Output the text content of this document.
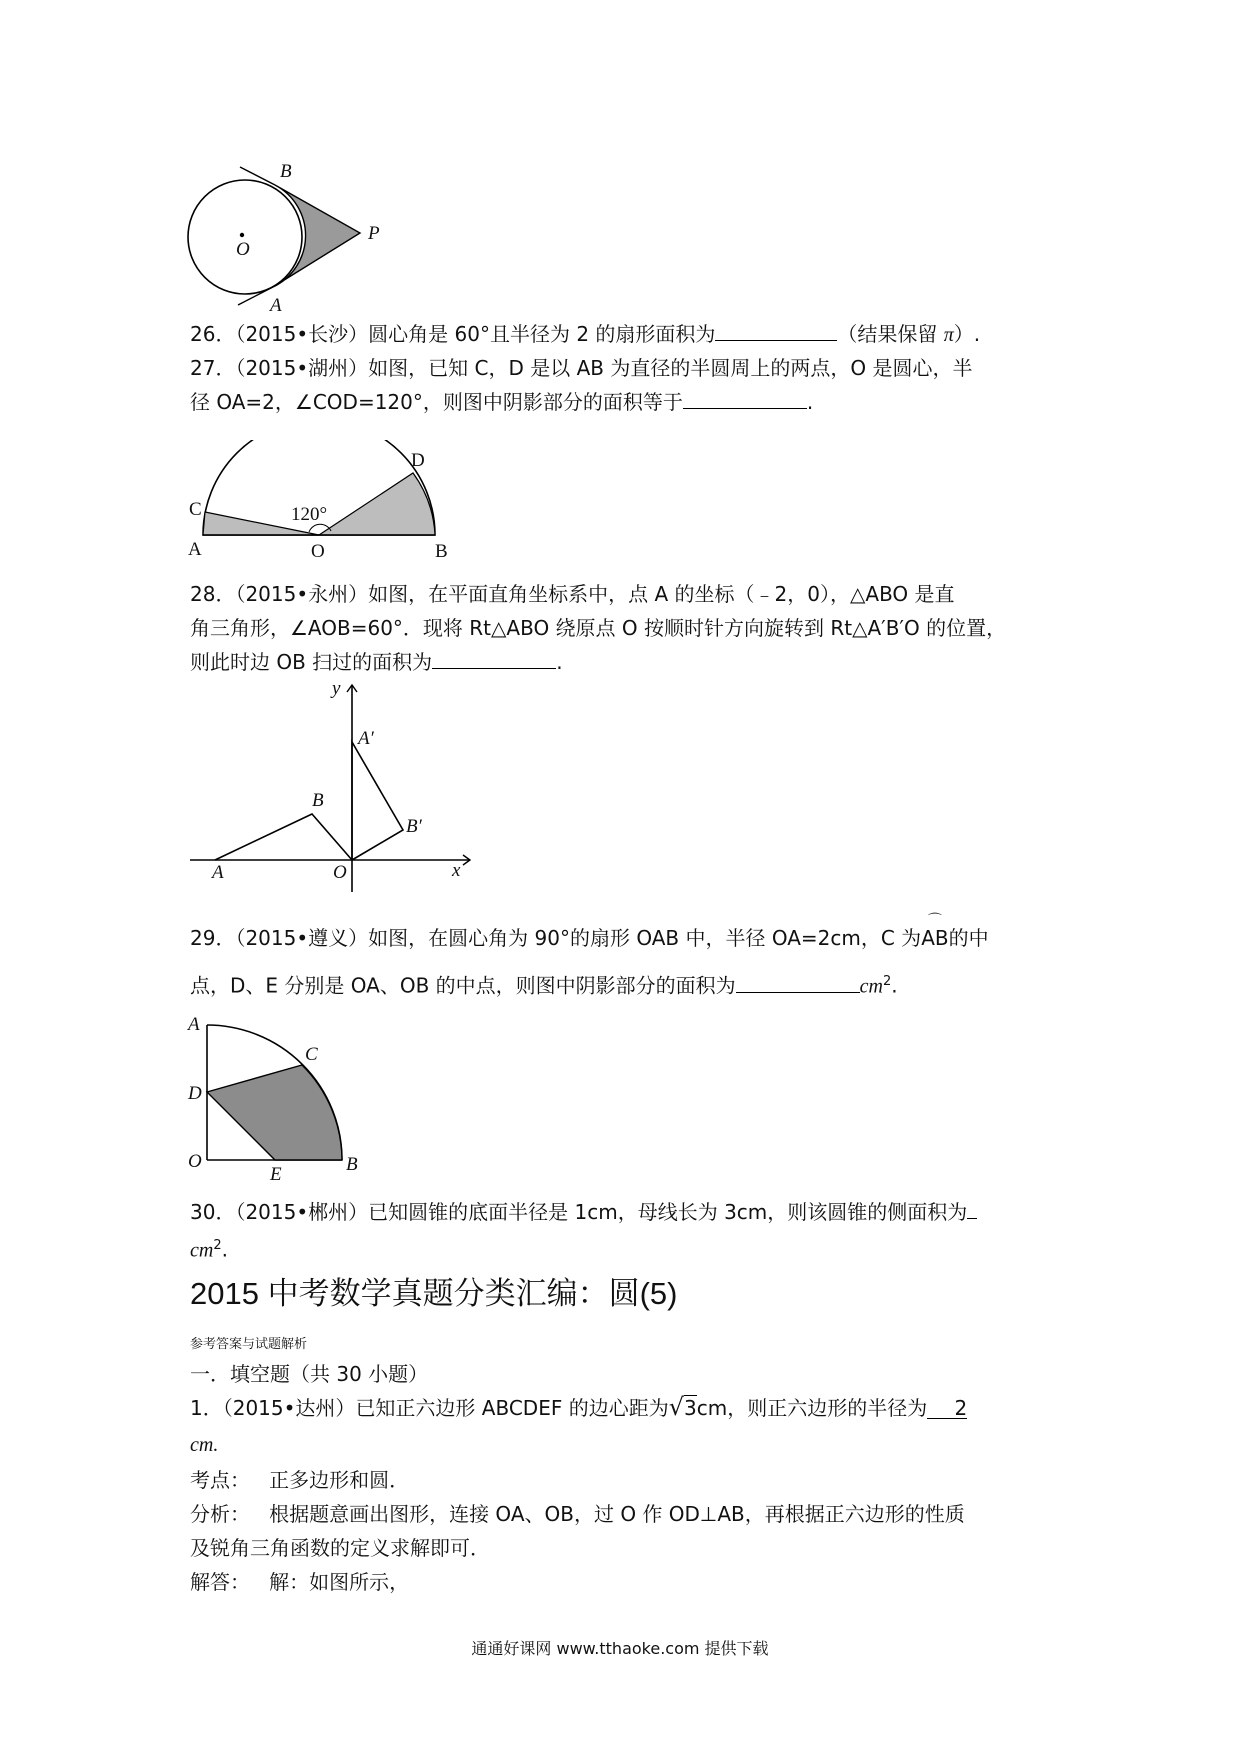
B
O
P
A
26．（2015•长沙）圆心角是 60°且半径为 2 的扇形面积为	（结果保留 π）.
27．（2015•湖州）如图，已知 C，D 是以 AB 为直径的半圆周上的两点，O 是圆心，半
径 OA=2，∠COD=120°，则图中阴影部分的面积等于	.
C
D
A	O	B
120°
28．（2015•永州）如图，在平面直角坐标系中，点 A 的坐标（﹣2，0），△ABO 是直
角三角形，∠AOB=60°．现将 Rt△ABO 绕原点 O 按顺时针方向旋转到 Rt△A′B′O 的位置，
则此时边 OB 扫过的面积为	.
y
A′
B
B′
A	O	x
29．（2015•遵义）如图，在圆心角为 90°的扇形 OAB 中，半径 OA=2cm，C 为
⌒
AB的中
点，D、E 分别是 OA、OB 的中点，则图中阴影部分的面积为	$cm^2$.
A
C
D
O
E	B
30．（2015•郴州）已知圆锥的底面半径是 1cm，母线长为 3cm，则该圆锥的侧面积为
$cm^2$.
2015 中考数学真题分类汇编：圆(5)
参考答案与试题解析
一．填空题（共 30 小题）
1．（2015•达州）已知正六边形 ABCDEF 的边心距为√3cm，则正六边形的半径为 2
cm.
考点： 正多边形和圆．
分析： 根据题意画出图形，连接 OA、OB，过 O 作 OD⊥AB，再根据正六边形的性质
及锐角三角函数的定义求解即可．
解答： 解：如图所示，
通通好课网 www.tthaoke.com 提供下载
